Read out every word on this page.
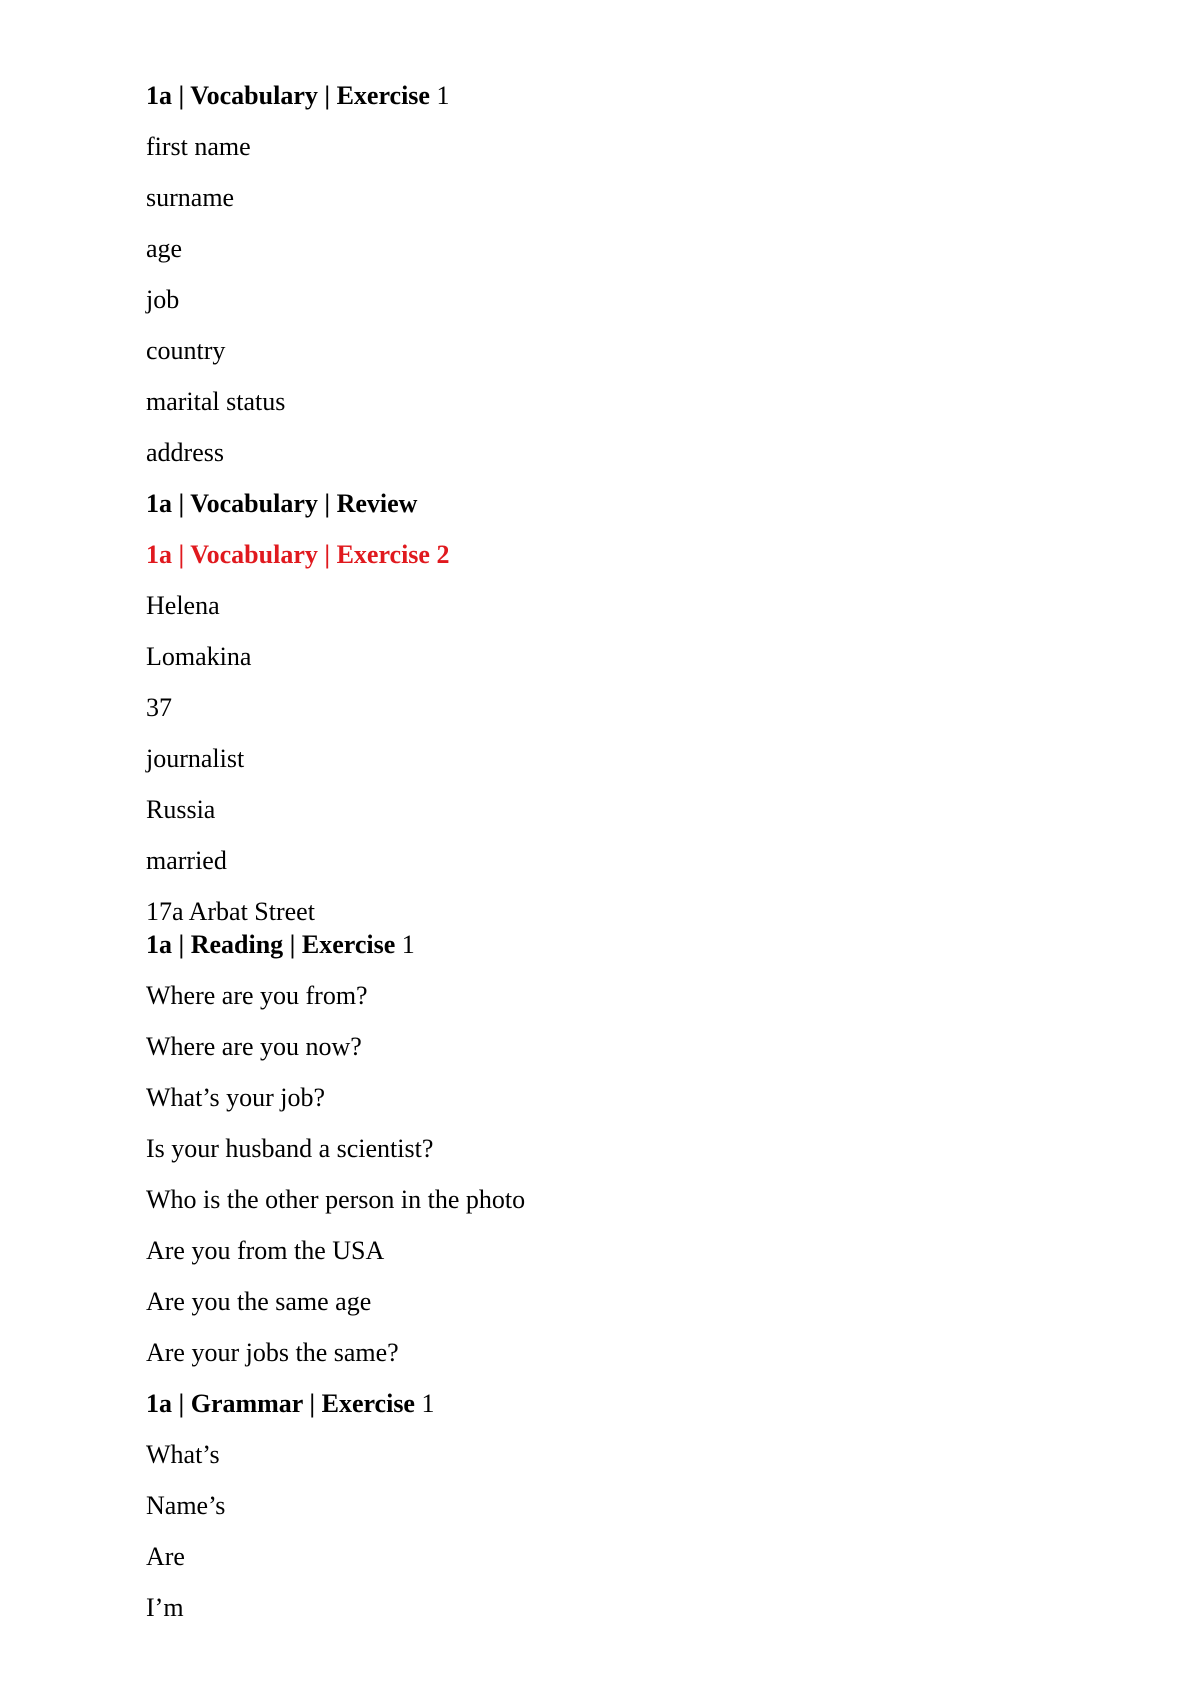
1a | Vocabulary | Exercise 1

first name

surname

age

job

country

marital status

address

1a | Vocabulary | Review

1a | Vocabulary | Exercise 2

Helena

Lomakina

37

journalist

Russia

married

17a Arbat Street

1a | Reading | Exercise 1

Where are you from?

Where are you now?

What’s your job?

Is your husband a scientist?

Who is the other person in the photo

Are you from the USA

Are you the same age

Are your jobs the same?

1a | Grammar | Exercise 1

What’s

Name’s

Are

I’m
